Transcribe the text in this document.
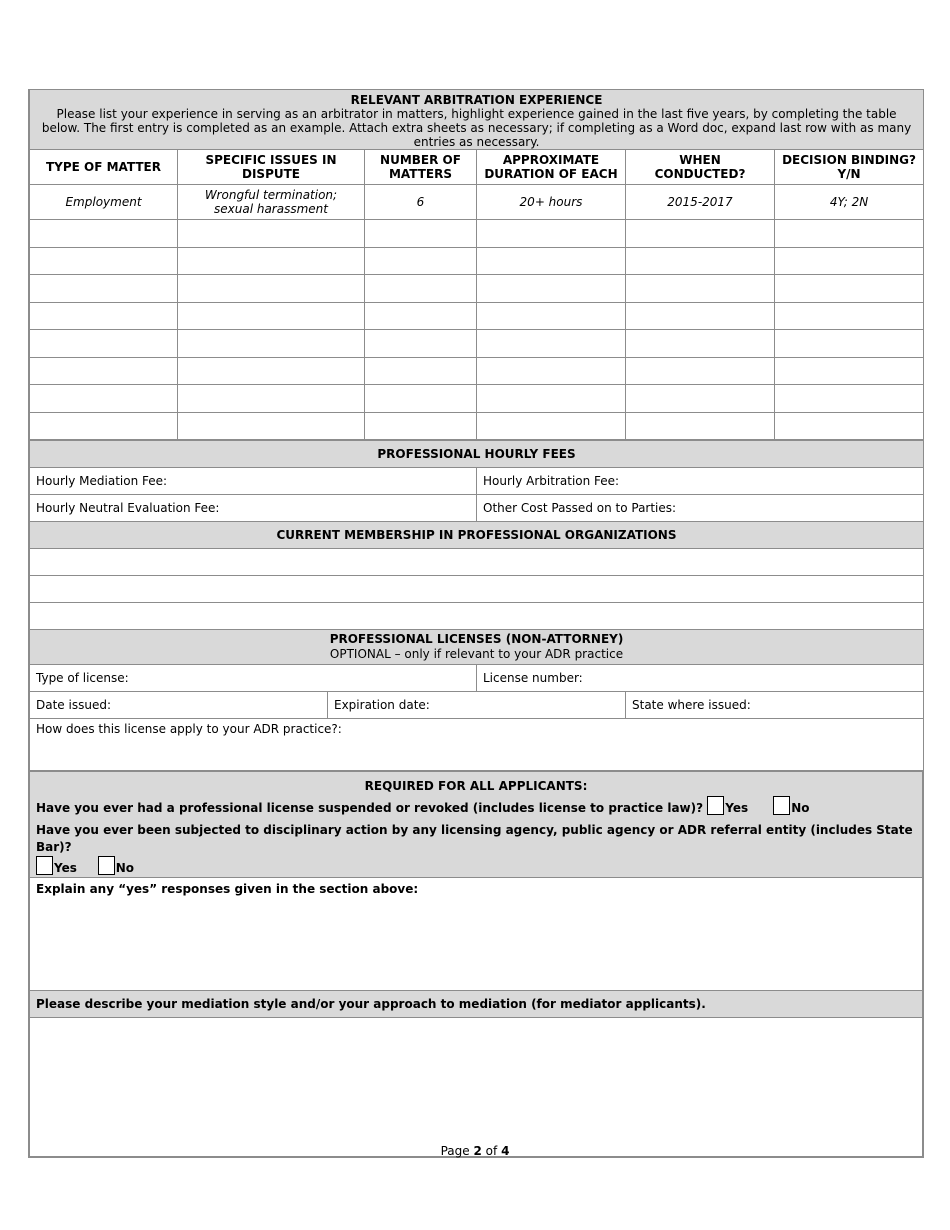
RELEVANT ARBITRATION EXPERIENCE
Please list your experience in serving as an arbitrator in matters, highlight experience gained in the last five years, by completing the table below. The first entry is completed as an example. Attach extra sheets as necessary; if completing as a Word doc, expand last row with as many entries as necessary.					

TYPE OF MATTER	SPECIFIC ISSUES IN DISPUTE	NUMBER OF MATTERS	APPROXIMATE DURATION OF EACH	WHEN CONDUCTED?	DECISION BINDING? Y/N
Employment	Wrongful termination; sexual harassment	6	20+ hours	2015-2017	4Y; 2N

PROFESSIONAL HOURLY FEES			
Hourly Mediation Fee:		Hourly Arbitration Fee:	
Hourly Neutral Evaluation Fee:		Other Cost Passed on to Parties:	
CURRENT MEMBERSHIP IN PROFESSIONAL ORGANIZATIONS			

PROFESSIONAL LICENSES (NON-ATTORNEY)
OPTIONAL – only if relevant to your ADR practice			

Type of license:		License number:	
Date issued:	Expiration date:		State where issued:
How does this license apply to your ADR practice?:			
REQUIRED FOR ALL APPLICANTS:
Have you ever had a professional license suspended or revoked (includes license to practice law)? Yes	No
Have you ever been subjected to disciplinary action by any licensing agency, public agency or ADR referral entity (includes State Bar)?
Yes	No

Explain any “yes” responses given in the section above:
Please describe your mediation style and/or your approach to mediation (for mediator applicants).

Page 2 of 4
